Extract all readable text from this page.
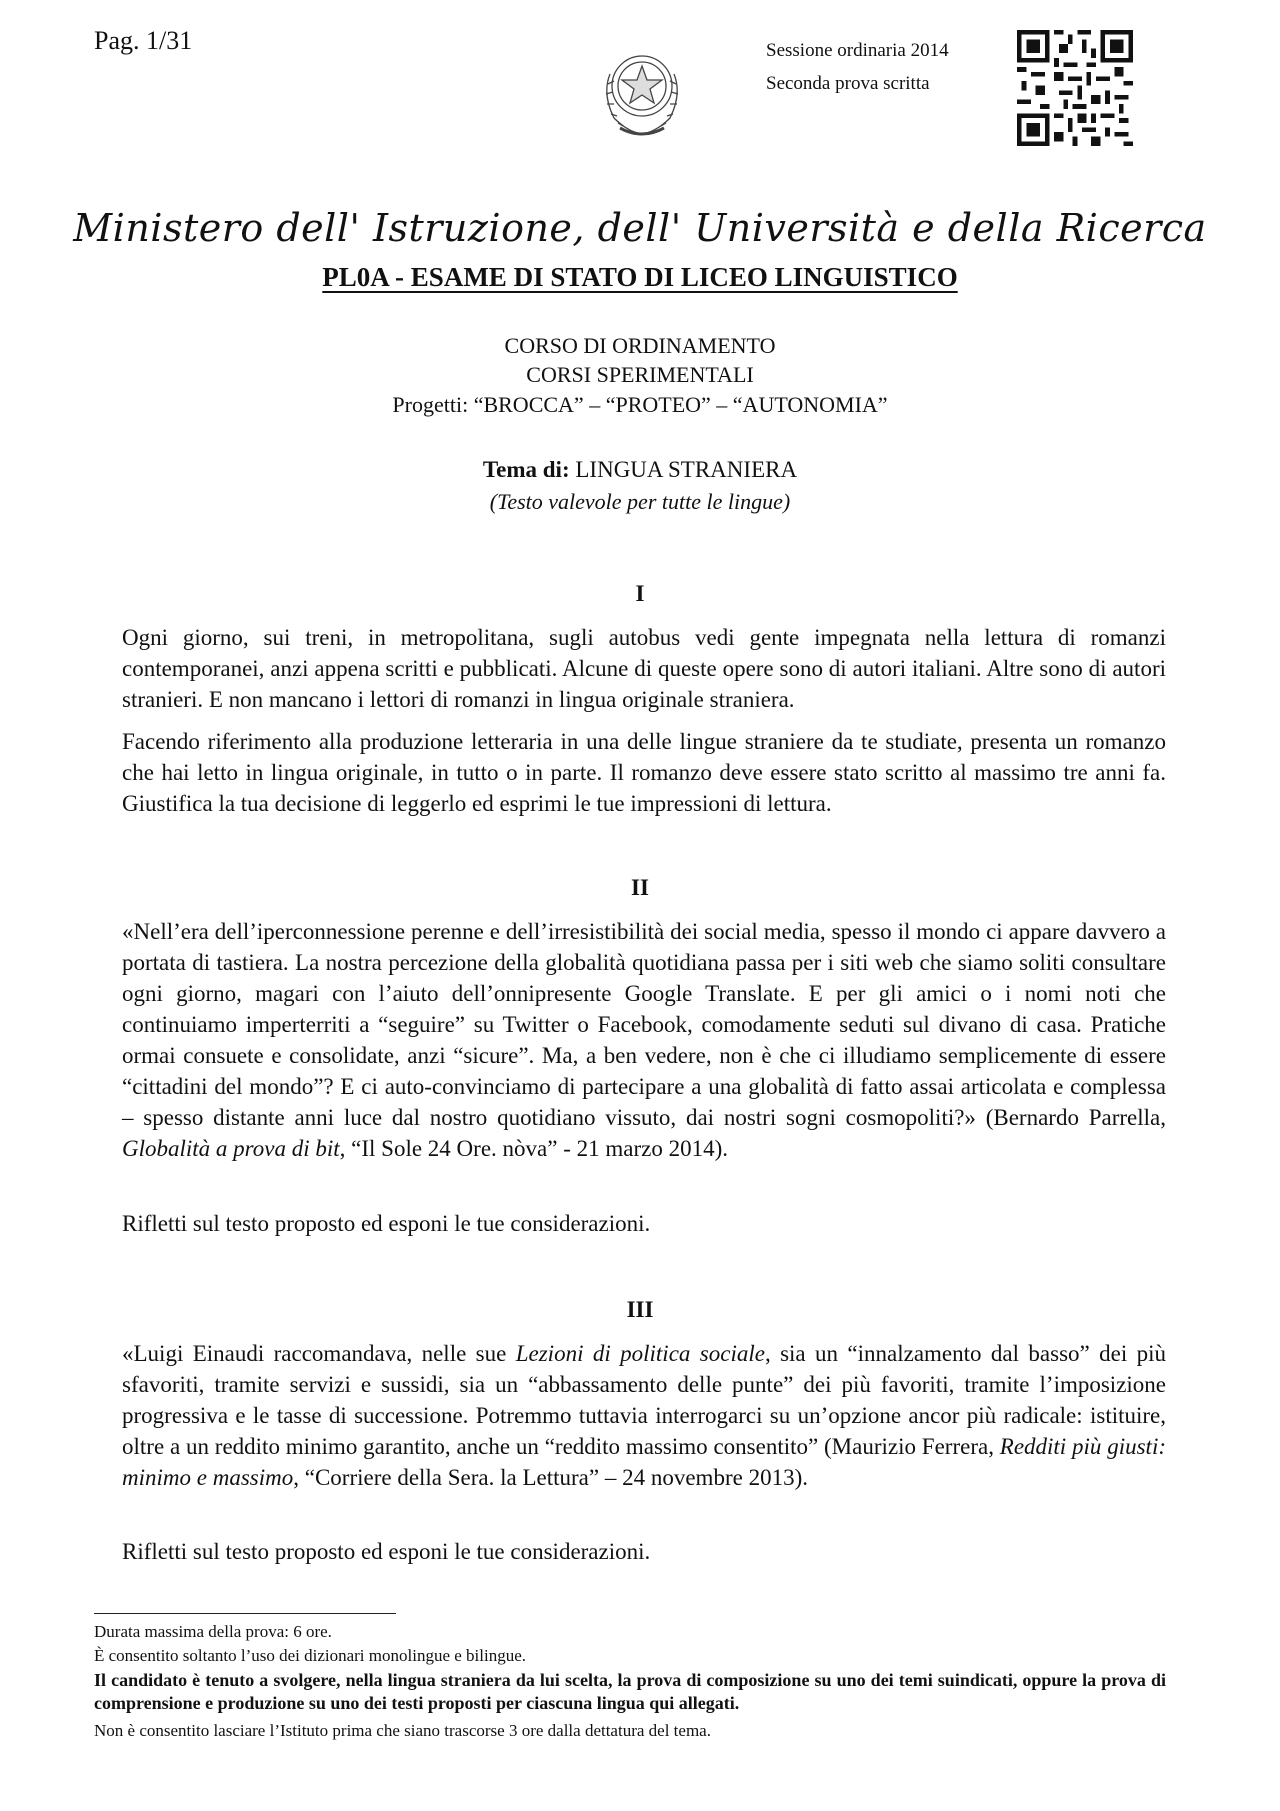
Pag. 1/31	Sessione ordinaria 2014
Seconda prova scritta
Ministero dell' Istruzione, dell' Università e della Ricerca
PL0A - ESAME DI STATO DI LICEO LINGUISTICO
CORSO DI ORDINAMENTO
CORSI SPERIMENTALI
Progetti: “BROCCA” – “PROTEO” – “AUTONOMIA”
Tema di: LINGUA STRANIERA
(Testo valevole per tutte le lingue)
I
Ogni giorno, sui treni, in metropolitana, sugli autobus vedi gente impegnata nella lettura di romanzi contemporanei, anzi appena scritti e pubblicati. Alcune di queste opere sono di autori italiani. Altre sono di autori stranieri. E non mancano i lettori di romanzi in lingua originale straniera.
Facendo riferimento alla produzione letteraria in una delle lingue straniere da te studiate, presenta un romanzo che hai letto in lingua originale, in tutto o in parte. Il romanzo deve essere stato scritto al massimo tre anni fa. Giustifica la tua decisione di leggerlo ed esprimi le tue impressioni di lettura.
II
«Nell’era dell’iperconnessione perenne e dell’irresistibilità dei social media, spesso il mondo ci appare davvero a portata di tastiera. La nostra percezione della globalità quotidiana passa per i siti web che siamo soliti consultare ogni giorno, magari con l’aiuto dell’onnipresente Google Translate. E per gli amici o i nomi noti che continuiamo imperterriti a “seguire” su Twitter o Facebook, comodamente seduti sul divano di casa. Pratiche ormai consuete e consolidate, anzi “sicure”. Ma, a ben vedere, non è che ci illudiamo semplicemente di essere “cittadini del mondo”? E ci auto-convinciamo di partecipare a una globalità di fatto assai articolata e complessa – spesso distante anni luce dal nostro quotidiano vissuto, dai nostri sogni cosmopoliti?» (Bernardo Parrella, Globalità a prova di bit, “Il Sole 24 Ore. nòva” - 21 marzo 2014).
Rifletti sul testo proposto ed esponi le tue considerazioni.
III
«Luigi Einaudi raccomandava, nelle sue Lezioni di politica sociale, sia un “innalzamento dal basso” dei più sfavoriti, tramite servizi e sussidi, sia un “abbassamento delle punte” dei più favoriti, tramite l’imposizione progressiva e le tasse di successione. Potremmo tuttavia interrogarci su un’opzione ancor più radicale: istituire, oltre a un reddito minimo garantito, anche un “reddito massimo consentito” (Maurizio Ferrera, Redditi più giusti: minimo e massimo, “Corriere della Sera. la Lettura” – 24 novembre 2013).
Rifletti sul testo proposto ed esponi le tue considerazioni.
Durata massima della prova: 6 ore.
È consentito soltanto l’uso dei dizionari monolingue e bilingue.
Il candidato è tenuto a svolgere, nella lingua straniera da lui scelta, la prova di composizione su uno dei temi suindicati, oppure la prova di comprensione e produzione su uno dei testi proposti per ciascuna lingua qui allegati.
Non è consentito lasciare l’Istituto prima che siano trascorse 3 ore dalla dettatura del tema.
